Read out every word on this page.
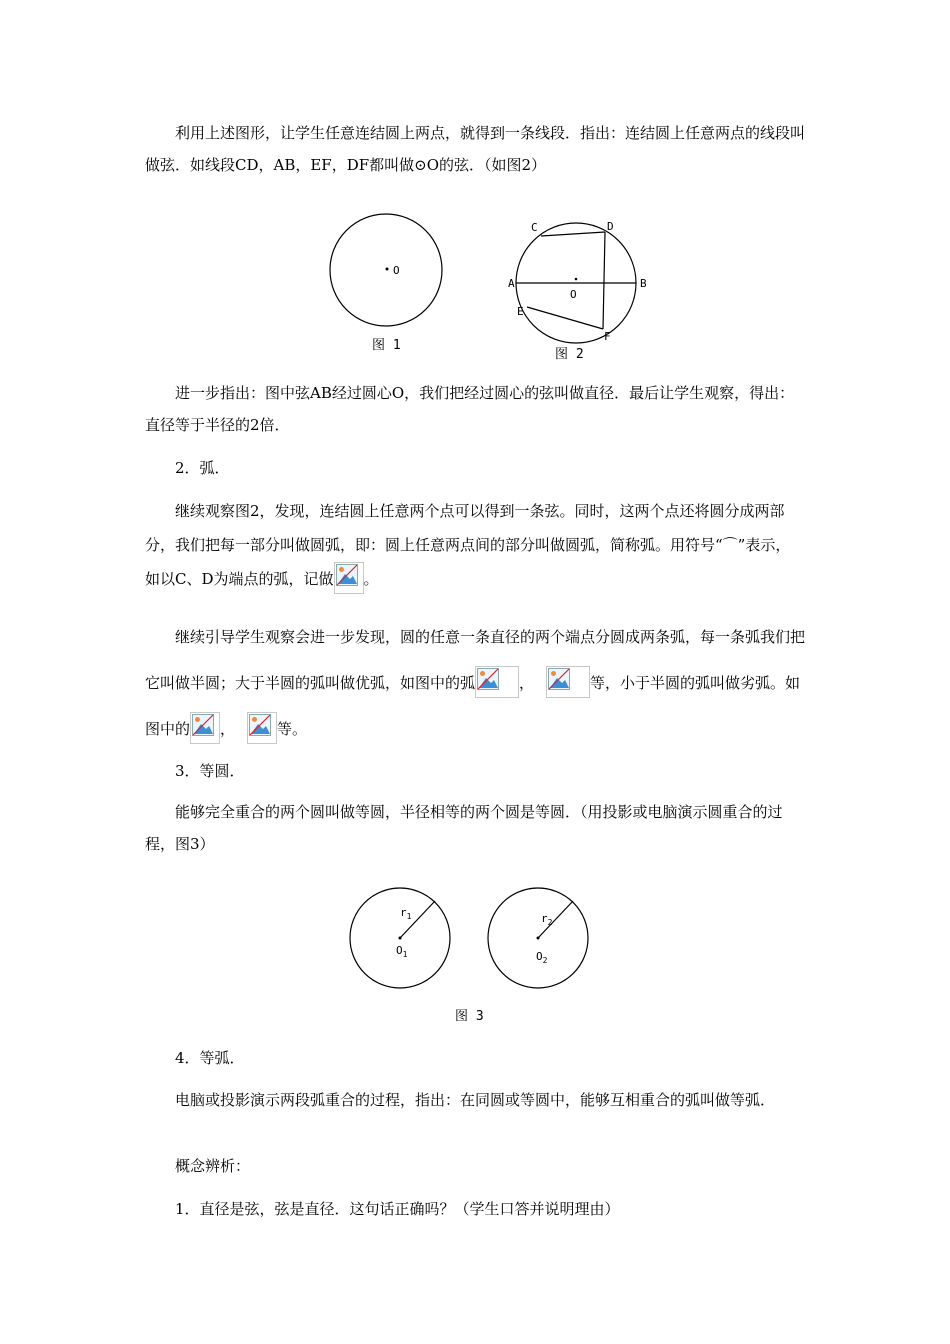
利用上述图形，让学生任意连结圆上两点，就得到一条线段．指出：连结圆上任意两点的线段叫做弦．如线段CD，AB，EF，DF都叫做⊙O的弦．（如图2）

O
图 1
C	D
A
O
B
E
F
图 2

进一步指出：图中弦AB经过圆心O，我们把经过圆心的弦叫做直径．最后让学生观察，得出：直径等于半径的2倍．

2．弧．

继续观察图2，发现，连结圆上任意两个点可以得到一条弦。同时，这两个点还将圆分成两部分，我们把每一部分叫做圆弧，即：圆上任意两点间的部分叫做圆弧，简称弧。用符号“⌒”表示，如以C、D为端点的弧，记做 。

继续引导学生观察会进一步发现，圆的任意一条直径的两个端点分圆成两条弧，每一条弧我们把它叫做半圆；大于半圆的弧叫做优弧，如图中的弧	，	等，小于半圆的弧叫做劣弧。如图中的 ，	等。

3．等圆．

能够完全重合的两个圆叫做等圆，半径相等的两个圆是等圆．（用投影或电脑演示圆重合的过程，图3）

$r_1$
$O_1$
$r_2$
$O_2$
图 3

4．等弧．

电脑或投影演示两段弧重合的过程，指出：在同圆或等圆中，能够互相重合的弧叫做等弧．

概念辨析：

1．直径是弦，弦是直径．这句话正确吗？（学生口答并说明理由）
